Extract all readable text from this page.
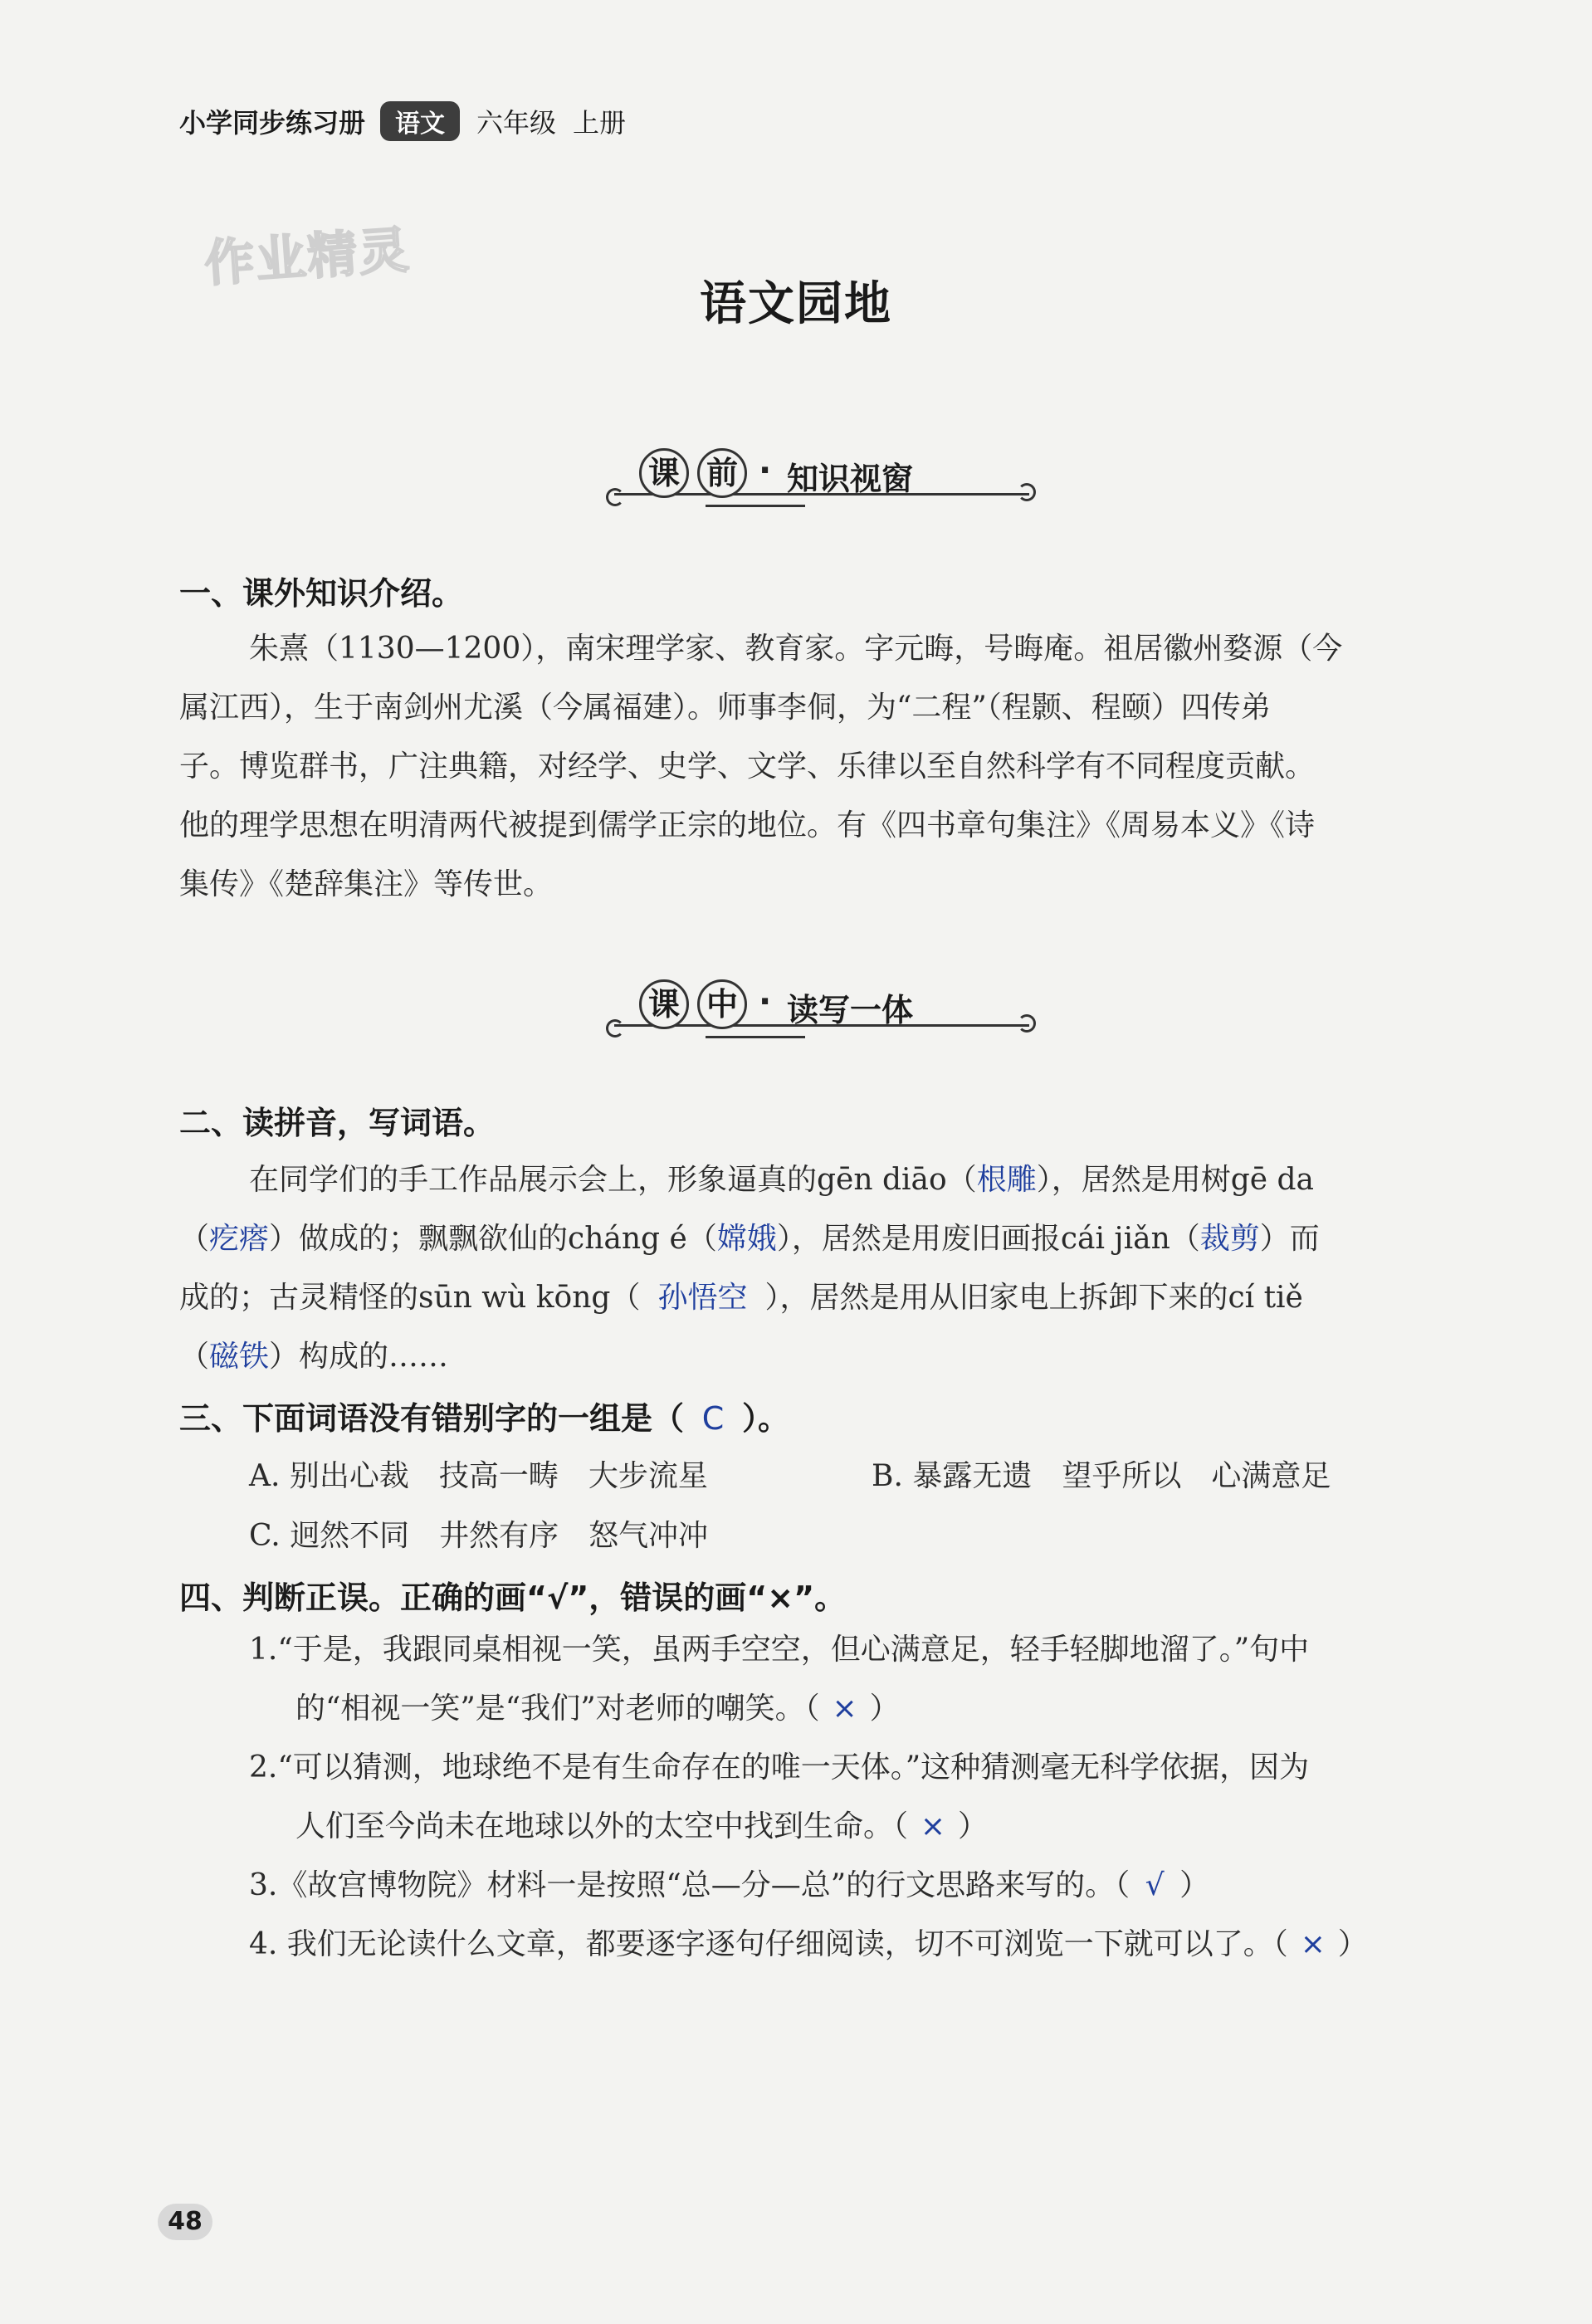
小学同步练习册	语文	六年级 上册
作业精灵
语文园地
课 前 · 知识视窗
一、课外知识介绍。
朱熹（1130—1200），南宋理学家、教育家。字元晦，号晦庵。祖居徽州婺源（今
属江西），生于南剑州尤溪（今属福建）。师事李侗，为“二程”（程颢、程颐）四传弟
子。博览群书，广注典籍，对经学、史学、文学、乐律以至自然科学有不同程度贡献。
他的理学思想在明清两代被提到儒学正宗的地位。有《四书章句集注》《周易本义》《诗
集传》《楚辞集注》等传世。
课 中 · 读写一体
二、读拼音，写词语。
在同学们的手工作品展示会上，形象逼真的gēn diāo（根雕），居然是用树gē da
（疙瘩）做成的；飘飘欲仙的cháng é（嫦娥），居然是用废旧画报cái jiǎn（裁剪）而
成的；古灵精怪的sūn wù kōng（ 孙悟空 ），居然是用从旧家电上拆卸下来的cí tiě
（磁铁）构成的……
三、下面词语没有错别字的一组是（ C ）。
A. 别出心裁　技高一畴　大步流星	B. 暴露无遗　望乎所以　心满意足
C. 迥然不同　井然有序　怒气冲冲
四、判断正误。正确的画“√”，错误的画“×”。
1.“于是，我跟同桌相视一笑，虽两手空空，但心满意足，轻手轻脚地溜了。”句中
的“相视一笑”是“我们”对老师的嘲笑。（ × ）
2.“可以猜测，地球绝不是有生命存在的唯一天体。”这种猜测毫无科学依据，因为
人们至今尚未在地球以外的太空中找到生命。（ × ）
3.《故宫博物院》材料一是按照“总—分—总”的行文思路来写的。（ √ ）
4. 我们无论读什么文章，都要逐字逐句仔细阅读，切不可浏览一下就可以了。（ × ）
48
